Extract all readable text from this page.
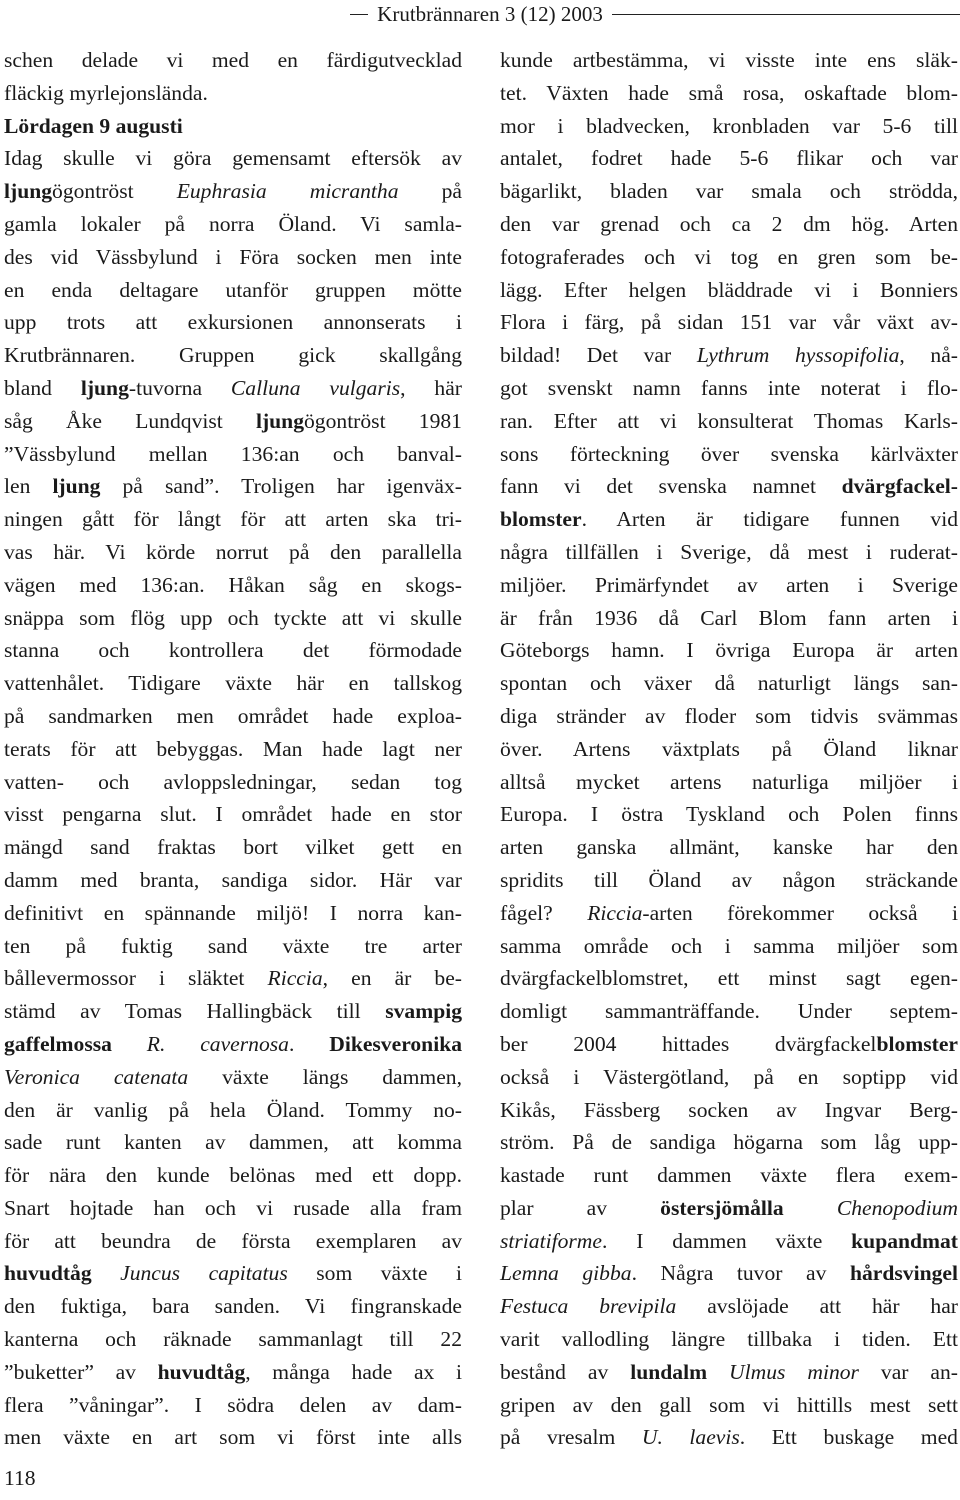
Krutbrännaren 3 (12) 2003
schen delade vi med en färdigutvecklad
fläckig myrlejonslända.
Lördagen 9 augusti
Idag skulle vi göra gemensamt eftersök av
ljungögontröst Euphrasia micrantha på
gamla lokaler på norra Öland. Vi samla-
des vid Vässbylund i Föra socken men inte
en enda deltagare utanför gruppen mötte
upp trots att exkursionen annonserats i
Krutbrännaren. Gruppen gick skallgång
bland ljung-tuvorna Calluna vulgaris, här
såg Åke Lundqvist ljungögontröst 1981
”Vässbylund mellan 136:an och banval-
len ljung på sand”. Troligen har igenväx-
ningen gått för långt för att arten ska tri-
vas här. Vi körde norrut på den parallella
vägen med 136:an. Håkan såg en skogs-
snäppa som flög upp och tyckte att vi skulle
stanna och kontrollera det förmodade
vattenhålet. Tidigare växte här en tallskog
på sandmarken men området hade exploa-
terats för att bebyggas. Man hade lagt ner
vatten- och avloppsledningar, sedan tog
visst pengarna slut. I området hade en stor
mängd sand fraktas bort vilket gett en
damm med branta, sandiga sidor. Här var
definitivt en spännande miljö! I norra kan-
ten på fuktig sand växte tre arter
bållevermossor i släktet Riccia, en är be-
stämd av Tomas Hallingbäck till svampig
gaffelmossa R. cavernosa. Dikesveronika
Veronica catenata växte längs dammen,
den är vanlig på hela Öland. Tommy no-
sade runt kanten av dammen, att komma
för nära den kunde belönas med ett dopp.
Snart hojtade han och vi rusade alla fram
för att beundra de första exemplaren av
huvudtåg Juncus capitatus som växte i
den fuktiga, bara sanden. Vi fingranskade
kanterna och räknade sammanlagt till 22
”buketter” av huvudtåg, många hade ax i
flera ”våningar”. I södra delen av dam-
men växte en art som vi först inte alls
kunde artbestämma, vi visste inte ens släk-
tet. Växten hade små rosa, oskaftade blom-
mor i bladvecken, kronbladen var 5-6 till
antalet, fodret hade 5-6 flikar och var
bägarlikt, bladen var smala och strödda,
den var grenad och ca 2 dm hög. Arten
fotograferades och vi tog en gren som be-
lägg. Efter helgen bläddrade vi i Bonniers
Flora i färg, på sidan 151 var vår växt av-
bildad! Det var Lythrum hyssopifolia, nå-
got svenskt namn fanns inte noterat i flo-
ran. Efter att vi konsulterat Thomas Karls-
sons förteckning över svenska kärlväxter
fann vi det svenska namnet dvärgfackel-
blomster. Arten är tidigare funnen vid
några tillfällen i Sverige, då mest i ruderat-
miljöer. Primärfyndet av arten i Sverige
är från 1936 då Carl Blom fann arten i
Göteborgs hamn. I övriga Europa är arten
spontan och växer då naturligt längs san-
diga stränder av floder som tidvis svämmas
över. Artens växtplats på Öland liknar
alltså mycket artens naturliga miljöer i
Europa. I östra Tyskland och Polen finns
arten ganska allmänt, kanske har den
spridits till Öland av någon sträckande
fågel? Riccia-arten förekommer också i
samma område och i samma miljöer som
dvärgfackelblomstret, ett minst sagt egen-
domligt sammanträffande. Under septem-
ber 2004 hittades dvärgfackelblomster
också i Västergötland, på en soptipp vid
Kikås, Fässberg socken av Ingvar Berg-
ström. På de sandiga högarna som låg upp-
kastade runt dammen växte flera exem-
plar av östersjömålla Chenopodium
striatiforme. I dammen växte kupandmat
Lemna gibba. Några tuvor av hårdsvingel
Festuca brevipila avslöjade att här har
varit vallodling längre tillbaka i tiden. Ett
bestånd av lundalm Ulmus minor var an-
gripen av den gall som vi hittills mest sett
på vresalm U. laevis. Ett buskage med
118
